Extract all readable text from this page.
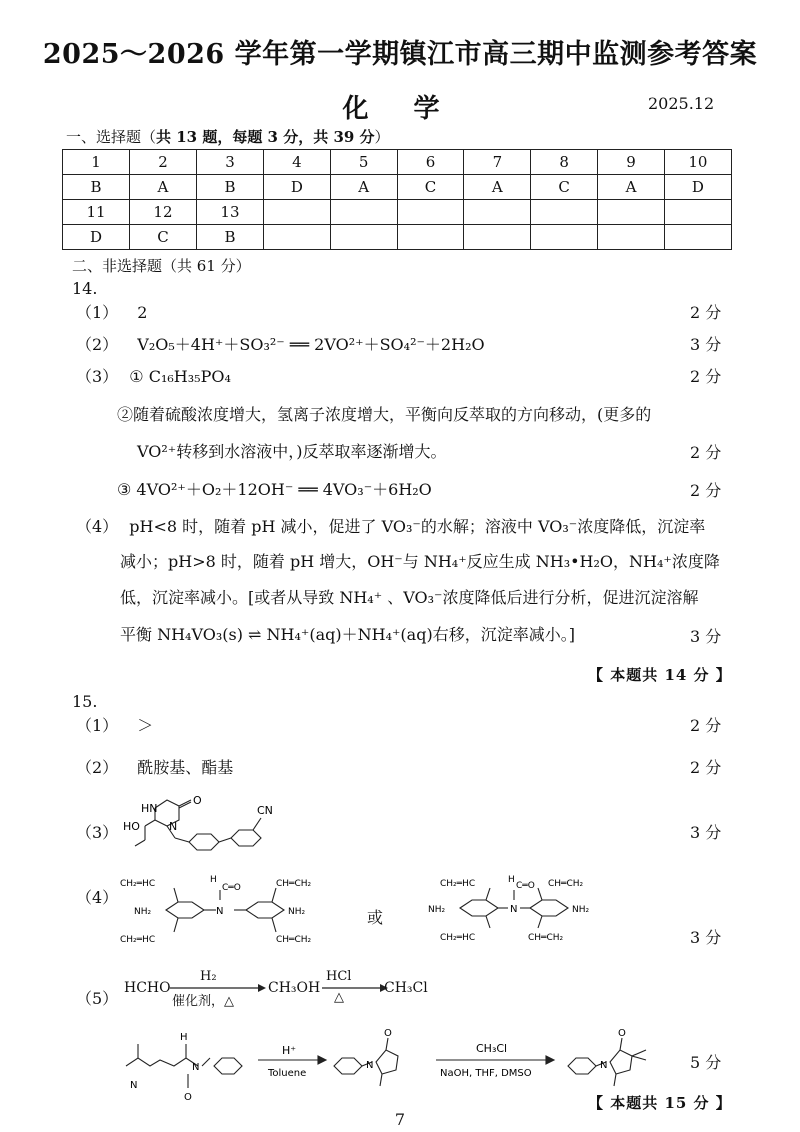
2025～2026 学年第一学期镇江市高三期中监测参考答案
化 学	2025.12
一、选择题（共 13 题，每题 3 分，共 39 分）
1	2	3	4	5	6	7	8	9	10
B	A	B	D	A	C	A	C	A	D
11	12	13							
D	C	B							
二、非选择题（共 61 分）
14.
（1） 2	2 分
（2） V₂O₅＋4H⁺＋SO₃²⁻ ══ 2VO²⁺＋SO₄²⁻＋2H₂O	3 分
（3） ① C₁₆H₃₅PO₄	2 分
②随着硫酸浓度增大，氢离子浓度增大，平衡向反萃取的方向移动，(更多的
VO²⁺转移到水溶液中，)反萃取率逐渐增大。	2 分
③ 4VO²⁺＋O₂＋12OH⁻ ══ 4VO₃⁻＋6H₂O	2 分
（4） pH<8 时，随着 pH 减小，促进了 VO₃⁻的水解；溶液中 VO₃⁻浓度降低，沉淀率
减小；pH>8 时，随着 pH 增大，OH⁻与 NH₄⁺反应生成 NH₃•H₂O，NH₄⁺浓度降
低，沉淀率减小。[或者从导致 NH₄⁺ 、VO₃⁻浓度降低后进行分析，促进沉淀溶解
平衡 NH₄VO₃(s) ⇌ NH₄⁺(aq)＋NH₄⁺(aq)右移，沉淀率减小。]	3 分
【 本题共 14 分 】
15.
（1） ＞	2 分
（2） 酰胺基、酯基	2 分
（3）
HN
O
HO	N
CN
3 分
（4）
CH₂═HC	CH═CH₂
NH₂	NH₂
CH₂═HC	CH═CH₂
N
H
C═O
或
CH₂═HC	CH═CH₂
NH₂	NH₂
CH₂═HC	CH═CH₂
N
H
C═O
3 分
（5）
HCHO
H₂
催化剂，△
CH₃OH
HCl
△
CH₃Cl
N
H
N
O
H⁺
Toluene
N
O
CH₃Cl
NaOH, THF, DMSO
N
O
5 分
【 本题共 15 分 】
7
